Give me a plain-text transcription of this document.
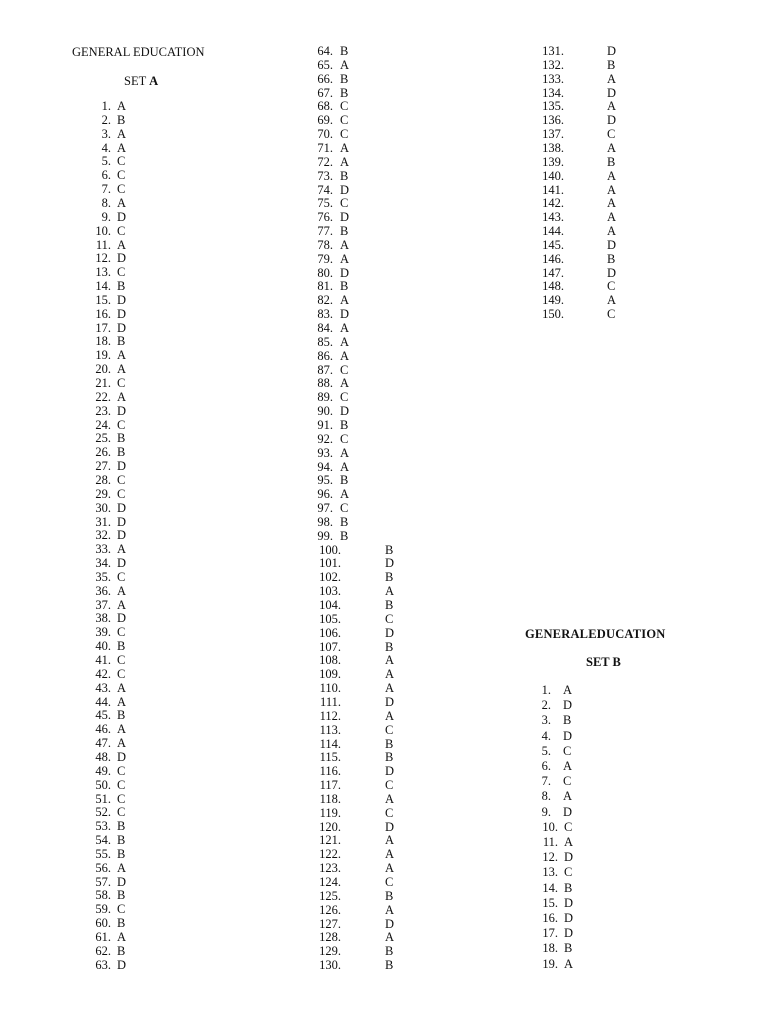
GENERAL EDUCATION
SET A
1. A
2. B
3. A
4. A
5. C
6. C
7. C
8. A
9. D
10. C
11. A
12. D
13. C
14. B
15. D
16. D
17. D
18. B
19. A
20. A
21. C
22. A
23. D
24. C
25. B
26. B
27. D
28. C
29. C
30. D
31. D
32. D
33. A
34. D
35. C
36. A
37. A
38. D
39. C
40. B
41. C
42. C
43. A
44. A
45. B
46. A
47. A
48. D
49. C
50. C
51. C
52. C
53. B
54. B
55. B
56. A
57. D
58. B
59. C
60. B
61. A
62. B
63. D
64. B
65. A
66. B
67. B
68. C
69. C
70. C
71. A
72. A
73. B
74. D
75. C
76. D
77. B
78. A
79. A
80. D
81. B
82. A
83. D
84. A
85. A
86. A
87. C
88. A
89. C
90. D
91. B
92. C
93. A
94. A
95. B
96. A
97. C
98. B
99. B
100.	B
101.	D
102.	B
103.	A
104.	B
105.	C
106.	D
107.	B
108.	A
109.	A
110.	A
111.	D
112.	A
113.	C
114.	B
115.	B
116.	D
117.	C
118.	A
119.	C
120.	D
121.	A
122.	A
123.	A
124.	C
125.	B
126.	A
127.	D
128.	A
129.	B
130.	B
131.	D
132.	B
133.	A
134.	D
135.	A
136.	D
137.	C
138.	A
139.	B
140.	A
141.	A
142.	A
143.	A
144.	A
145.	D
146.	B
147.	D
148.	C
149.	A
150.	C
GENERALEDUCATION
SET B
1. A
2. D
3. B
4. D
5. C
6. A
7. C
8. A
9. D
10. C
11. A
12. D
13. C
14. B
15. D
16. D
17. D
18. B
19. A
